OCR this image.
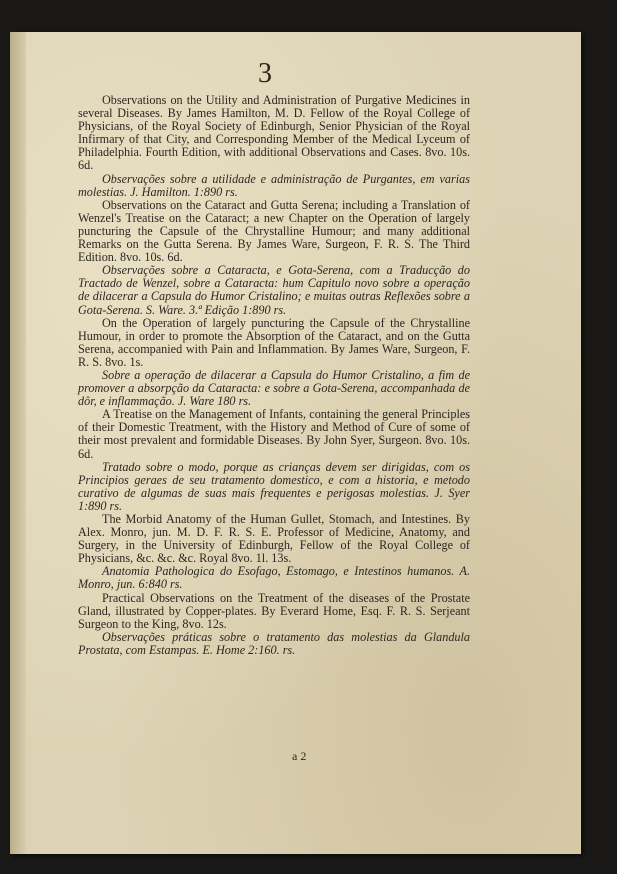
3

Observations on the Utility and Administration of Purgative Medicines in several Diseases. By James Hamilton, M. D. Fellow of the Royal College of Physicians, of the Royal Society of Edinburgh, Senior Physician of the Royal Infirmary of that City, and Corresponding Member of the Medical Lyceum of Philadelphia. Fourth Edition, with additional Observations and Cases. 8vo. 10s. 6d.

Observações sobre a utilidade e administração de Purgantes, em varias molestias. J. Hamilton. 1:890 rs.

Observations on the Cataract and Gutta Serena; including a Translation of Wenzel's Treatise on the Cataract; a new Chapter on the Operation of largely puncturing the Capsule of the Chrystalline Humour; and many additional Remarks on the Gutta Serena. By James Ware, Surgeon, F. R. S. The Third Edition. 8vo. 10s. 6d.

Observações sobre a Cataracta, e Gota-Serena, com a Traducção do Tractado de Wenzel, sobre a Cataracta: hum Capitulo novo sobre a operação de dilacerar a Capsula do Humor Cristalino; e muitas outras Reflexões sobre a Gota-Serena. S. Ware. 3.ª Edição 1:890 rs.

On the Operation of largely puncturing the Capsule of the Chrystalline Humour, in order to promote the Absorption of the Cataract, and on the Gutta Serena, accompanied with Pain and Inflammation. By James Ware, Surgeon, F. R. S. 8vo. 1s.

Sobre a operação de dilacerar a Capsula do Humor Cristalino, a fim de promover a absorpção da Cataracta: e sobre a Gota-Serena, accompanhada de dôr, e inflammação. J. Ware 180 rs.

A Treatise on the Management of Infants, containing the general Principles of their Domestic Treatment, with the History and Method of Cure of some of their most prevalent and formidable Diseases. By John Syer, Surgeon. 8vo. 10s. 6d.

Tratado sobre o modo, porque as crianças devem ser dirigidas, com os Principios geraes de seu tratamento domestico, e com a historia, e metodo curativo de algumas de suas mais frequentes e perigosas molestias. J. Syer 1:890 rs.

The Morbid Anatomy of the Human Gullet, Stomach, and Intestines. By Alex. Monro, jun. M. D. F. R. S. E. Professor of Medicine, Anatomy, and Surgery, in the University of Edinburgh, Fellow of the Royal College of Physicians, &c. &c. &c. Royal 8vo. 1l. 13s.

Anatomia Pathologica do Esofago, Estomago, e Intestinos humanos. A. Monro, jun. 6:840 rs.

Practical Observations on the Treatment of the diseases of the Prostate Gland, illustrated by Copper-plates. By Everard Home, Esq. F. R. S. Serjeant Surgeon to the King, 8vo. 12s.

Observações práticas sobre o tratamento das molestias da Glandula Prostata, com Estampas. E. Home 2:160. rs.

a 2
